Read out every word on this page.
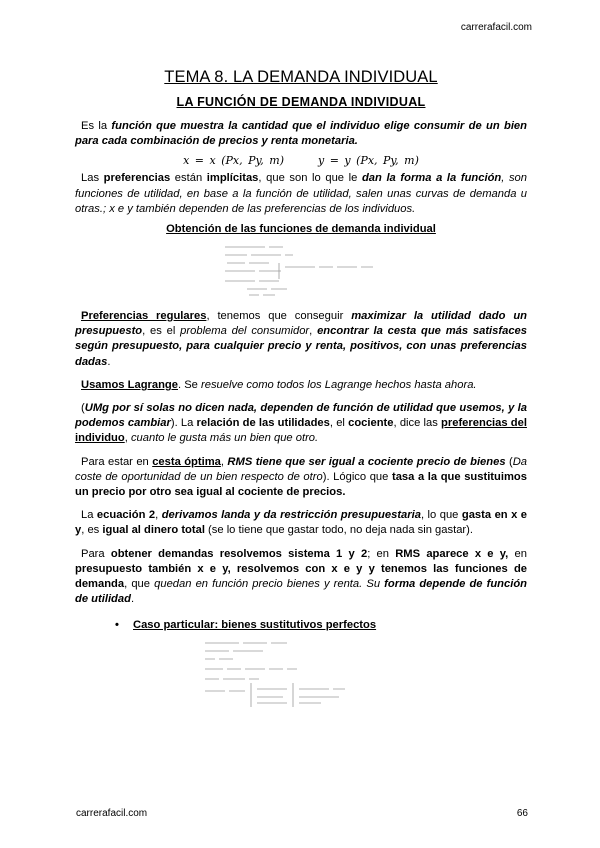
carrerafacil.com
TEMA 8. LA DEMANDA INDIVIDUAL
LA FUNCIÓN DE DEMANDA INDIVIDUAL

Es la función que muestra la cantidad que el individuo elige consumir de un bien para cada combinación de precios y renta monetaria.

x = x (Px, Py, m)	y = y (Px, Py, m)

Las preferencias están implícitas, que son lo que le dan la forma a la función, son funciones de utilidad, en base a la función de utilidad, salen unas curvas de demanda u otras.; x e y también dependen de las preferencias de los individuos.

Obtención de las funciones de demanda individual

Preferencias regulares, tenemos que conseguir maximizar la utilidad dado un presupuesto, es el problema del consumidor, encontrar la cesta que más satisfaces según presupuesto, para cualquier precio y renta, positivos, con unas preferencias dadas.

Usamos Lagrange. Se resuelve como todos los Lagrange hechos hasta ahora.

(UMg por sí solas no dicen nada, dependen de función de utilidad que usemos, y la podemos cambiar). La relación de las utilidades, el cociente, dice las preferencias del individuo, cuanto le gusta más un bien que otro.

Para estar en cesta óptima, RMS tiene que ser igual a cociente precio de bienes (Da coste de oportunidad de un bien respecto de otro). Lógico que tasa a la que sustituimos un precio por otro sea igual al cociente de precios.

La ecuación 2, derivamos landa y da restricción presupuestaria, lo que gasta en x e y, es igual al dinero total (se lo tiene que gastar todo, no deja nada sin gastar).

Para obtener demandas resolvemos sistema 1 y 2; en RMS aparece x e y, en presupuesto también x e y, resolvemos con x e y y tenemos las funciones de demanda, que quedan en función precio bienes y renta. Su forma depende de función de utilidad.

• Caso particular: bienes sustitutivos perfectos
carrerafacil.com	66
